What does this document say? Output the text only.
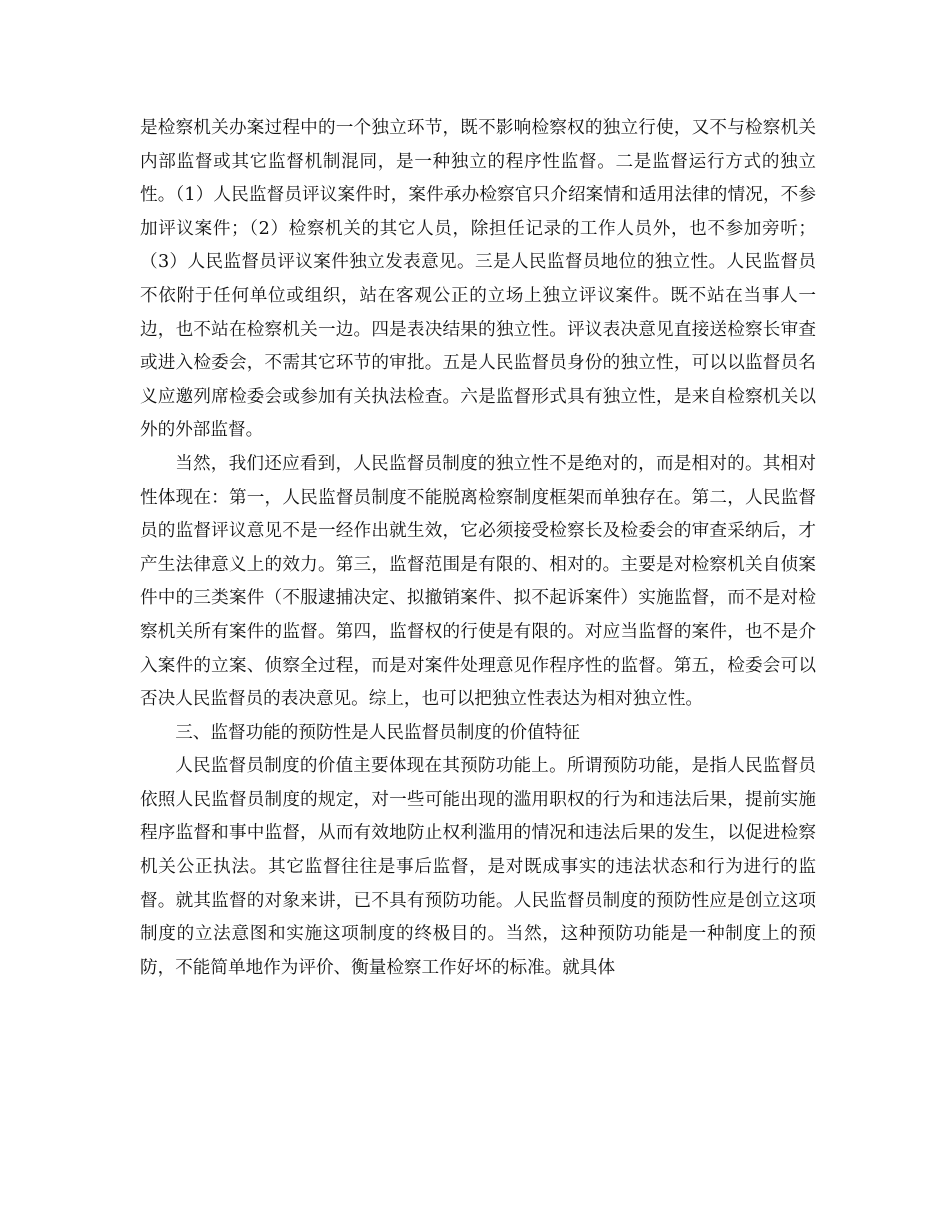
是检察机关办案过程中的一个独立环节，既不影响检察权的独立行使，又不与检察机关内部监督或其它监督机制混同，是一种独立的程序性监督。二是监督运行方式的独立性。（1）人民监督员评议案件时，案件承办检察官只介绍案情和适用法律的情况，不参加评议案件；（2）检察机关的其它人员，除担任记录的工作人员外，也不参加旁听；（3）人民监督员评议案件独立发表意见。三是人民监督员地位的独立性。人民监督员不依附于任何单位或组织，站在客观公正的立场上独立评议案件。既不站在当事人一边，也不站在检察机关一边。四是表决结果的独立性。评议表决意见直接送检察长审查或进入检委会，不需其它环节的审批。五是人民监督员身份的独立性，可以以监督员名义应邀列席检委会或参加有关执法检查。六是监督形式具有独立性，是来自检察机关以外的外部监督。

当然，我们还应看到，人民监督员制度的独立性不是绝对的，而是相对的。其相对性体现在：第一，人民监督员制度不能脱离检察制度框架而单独存在。第二，人民监督员的监督评议意见不是一经作出就生效，它必须接受检察长及检委会的审查采纳后，才产生法律意义上的效力。第三，监督范围是有限的、相对的。主要是对检察机关自侦案件中的三类案件（不服逮捕决定、拟撤销案件、拟不起诉案件）实施监督，而不是对检察机关所有案件的监督。第四，监督权的行使是有限的。对应当监督的案件，也不是介入案件的立案、侦察全过程，而是对案件处理意见作程序性的监督。第五，检委会可以否决人民监督员的表决意见。综上，也可以把独立性表达为相对独立性。

三、监督功能的预防性是人民监督员制度的价值特征

人民监督员制度的价值主要体现在其预防功能上。所谓预防功能，是指人民监督员依照人民监督员制度的规定，对一些可能出现的滥用职权的行为和违法后果，提前实施程序监督和事中监督，从而有效地防止权利滥用的情况和违法后果的发生，以促进检察机关公正执法。其它监督往往是事后监督，是对既成事实的违法状态和行为进行的监督。就其监督的对象来讲，已不具有预防功能。人民监督员制度的预防性应是创立这项制度的立法意图和实施这项制度的终极目的。当然，这种预防功能是一种制度上的预防，不能简单地作为评价、衡量检察工作好坏的标准。就具体
